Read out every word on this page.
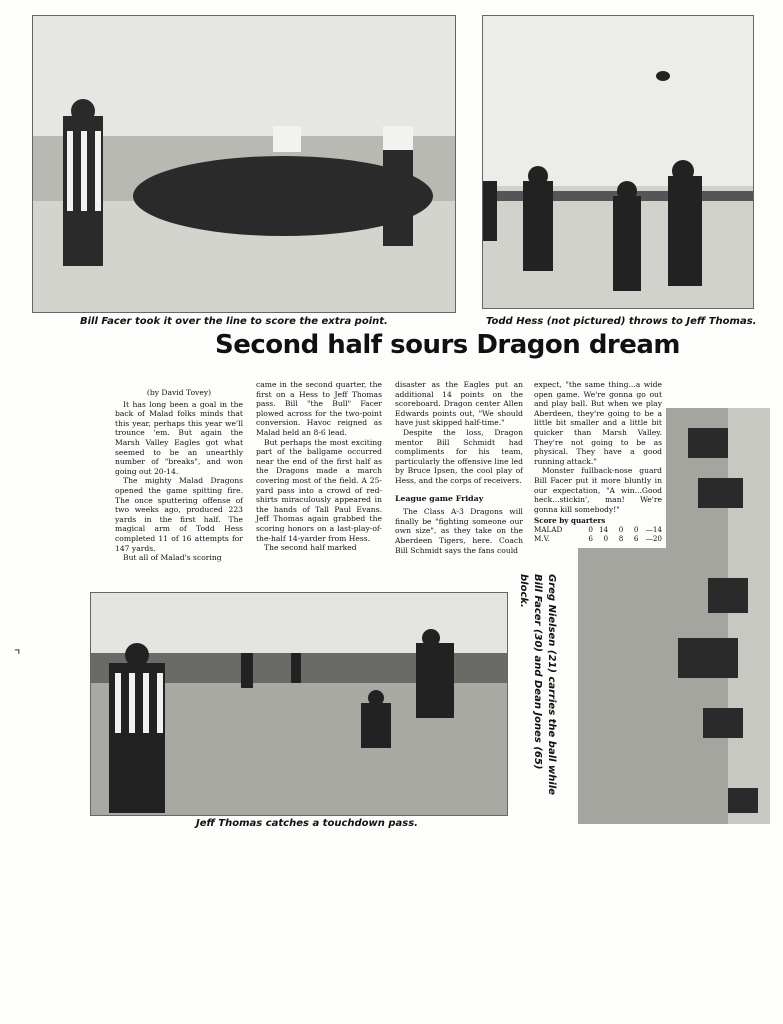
Bill Facer took it over the line to score the extra point.	Todd Hess (not pictured) throws to Jeff Thomas.
Second half sours Dragon dream

(by David Tovey)

It has long been a goal in the back of Malad folks minds that this year, perhaps this year we'll trounce 'em. But again the Marsh Valley Eagles got what seemed to be an unearthly number of "breaks", and won going out 20-14.

The mighty Malad Dragons opened the game spitting fire. The once sputtering offense of two weeks ago, produced 223 yards in the first half. The magical arm of Todd Hess completed 11 of 16 attempts for 147 yards.

But all of Malad's scoring

came in the second quarter, the first on a Hess to Jeff Thomas pass. Bill "the Bull" Facer plowed across for the two-point conversion. Havoc reigned as Malad held an 8-6 lead.

But perhaps the most exciting part of the ballgame occurred near the end of the first half as the Dragons made a march covering most of the field. A 25-yard pass into a crowd of red-shirts miraculously appeared in the hands of Tall Paul Evans. Jeff Thomas again grabbed the scoring honors on a last-play-of-the-half 14-yarder from Hess.

The second half marked

disaster as the Eagles put an additional 14 points on the scoreboard. Dragon center Allen Edwards points out, "We should have just skipped half-time."

Despite the loss, Dragon mentor Bill Schmidt had compliments for his team, particularly the offensive line led by Bruce Ipsen, the cool play of Hess, and the corps of receivers.

League game Friday

The Class A-3 Dragons will finally be "fighting someone our own size", as they take on the Aberdeen Tigers, here. Coach Bill Schmidt says the fans could

expect, "the same thing...a wide open game. We're gonna go out and play ball. But when we play Aberdeen, they're going to be a little bit smaller and a little bit quicker than Marsh Valley. They're not going to be as physical. They have a good running attack."

Monster fullback-nose guard Bill Facer put it more bluntly in our expectation, "A win...Good heck...stickin', man! We're gonna kill somebody!"

Score by quarters
MALAD	0 14	0	0	—14
M.V.	6	0	8	6	—20
Greg Nielsen (21) carries the ball while Bill Facer (30) and Dean Jones (65) block.
Jeff Thomas catches a touchdown pass.
⌝
